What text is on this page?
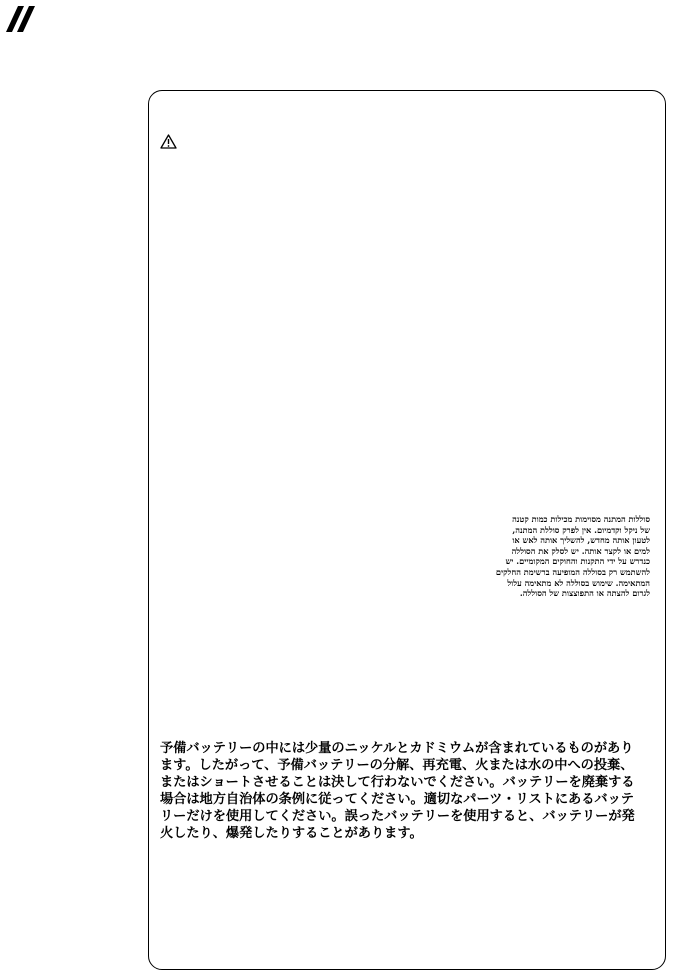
סוללות המתנה מסוימות מכילות כמות קטנה
של ניקל וקדמיום. אין לפרק סוללת המתנה,
לטעון אותה מחדש, להשליך אותה לאש או
למים או לקצר אותה. יש לסלק את הסוללה
כנדרש על ידי התקנות והחוקים המקומיים. יש
להשתמש רק בסוללה המופיעה ברשימת החלקים
המתאימה. שימוש בסוללה לא מתאימה עלול
לגרום להצתה או התפוצצות של הסוללה.
予備バッテリーの中には少量のニッケルとカドミウムが含まれているものがあり
ます。したがって、予備バッテリーの分解、再充電、火または水の中への投棄、
またはショートさせることは決して行わないでください。バッテリーを廃棄する
場合は地方自治体の条例に従ってください。適切なパーツ・リストにあるバッテ
リーだけを使用してください。誤ったバッテリーを使用すると、バッテリーが発
火したり、爆発したりすることがあります。
